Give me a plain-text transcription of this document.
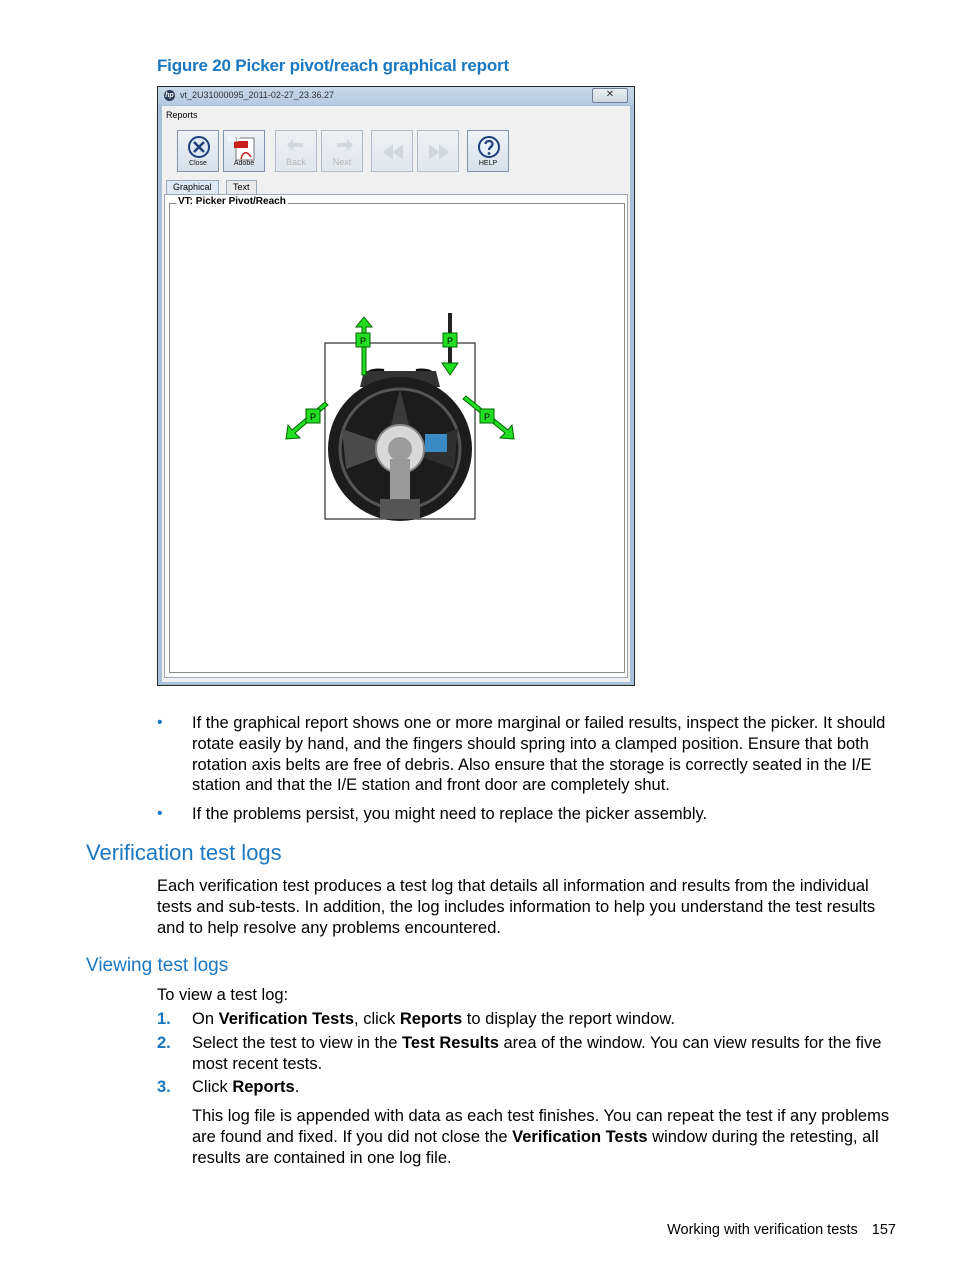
Figure 20 Picker pivot/reach graphical report
hp vt_2U31000095_2011-02-27_23.36.27	✕
Reports
Close
PDF
Adobe	Back	Next	HELP
Graphical	Text
VT: Picker Pivot/Reach
P	P
P	P
• If the graphical report shows one or more marginal or failed results, inspect the picker. It should rotate easily by hand, and the fingers should spring into a clamped position. Ensure that both rotation axis belts are free of debris. Also ensure that the storage is correctly seated in the I/E station and that the I/E station and front door are completely shut.
• If the problems persist, you might need to replace the picker assembly.
Verification test logs
Each verification test produces a test log that details all information and results from the individual tests and sub-tests. In addition, the log includes information to help you understand the test results and to help resolve any problems encountered.
Viewing test logs
To view a test log:
1. On Verification Tests, click Reports to display the report window.
2. Select the test to view in the Test Results area of the window. You can view results for the five most recent tests.
3. Click Reports.
This log file is appended with data as each test finishes. You can repeat the test if any problems are found and fixed. If you did not close the Verification Tests window during the retesting, all results are contained in one log file.
Working with verification tests 157
